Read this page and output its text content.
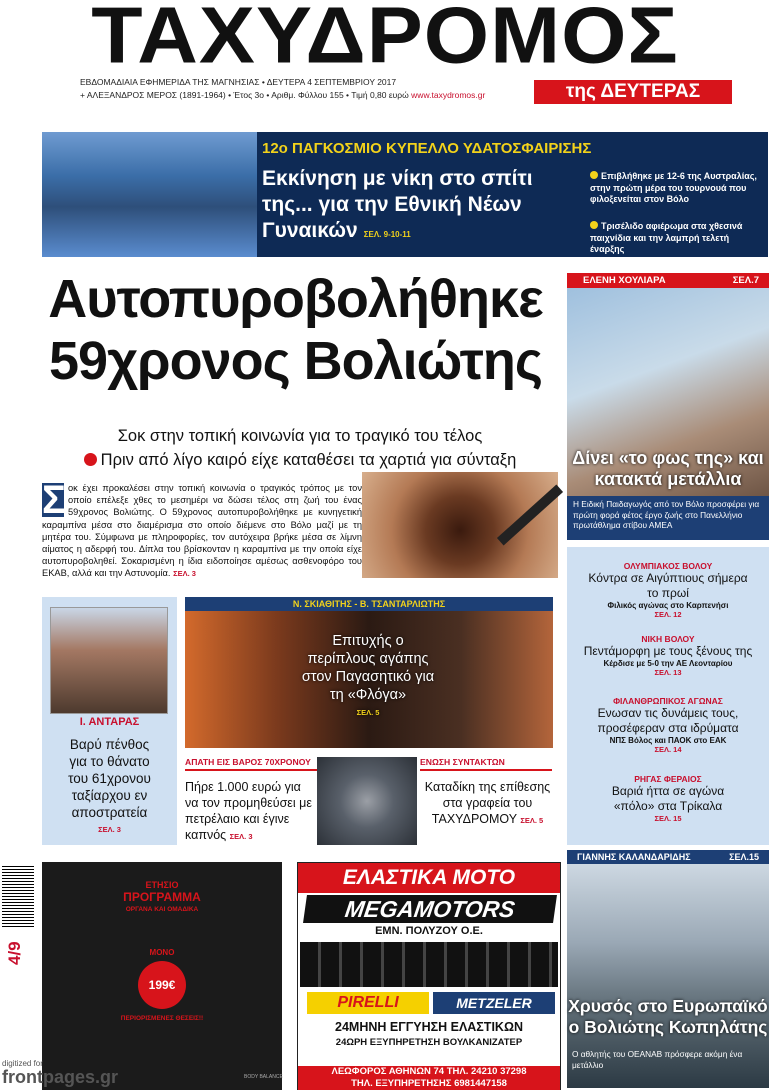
ΤΑΧΥΔΡΟΜΟΣ
ΕΒΔΟΜΑΔΙΑΙΑ ΕΦΗΜΕΡΙΔΑ ΤΗΣ ΜΑΓΝΗΣΙΑΣ • ΔΕΥΤΕΡΑ 4 ΣΕΠΤΕΜΒΡΙΟΥ 2017
+ ΑΛΕΞΑΝΔΡΟΣ ΜΕΡΟΣ (1891-1964) • Έτος 3ο • Αριθμ. Φύλλου 155 • Τιμή 0,80 ευρώ www.taxydromos.gr	της ΔΕΥΤΕΡΑΣ
12ο ΠΑΓΚΟΣΜΙΟ ΚΥΠΕΛΛΟ ΥΔΑΤΟΣΦΑΙΡΙΣΗΣ
Εκκίνηση με νίκη στο σπίτι της... για την Εθνική Νέων Γυναικών ΣΕΛ. 9-10-11
Επιβλήθηκε με 12-6 της Αυστραλίας, στην πρώτη μέρα του τουρνουά που φιλοξενείται στον Βόλο
Τρισέλιδο αφιέρωμα στα χθεσινά παιχνίδια και την λαμπρή τελετή έναρξης
Αυτοπυροβολήθηκε
59χρονος Βολιώτης
Σοκ στην τοπική κοινωνία για το τραγικό του τέλος
Πριν από λίγο καιρό είχε καταθέσει τα χαρτιά για σύνταξη
Σ οκ έχει προκαλέσει στην τοπική κοινωνία ο τραγικός τρόπος με τον οποίο επέλεξε χθες το μεσημέρι να δώσει τέλος στη ζωή του ένας 59χρονος Βολιώτης. Ο 59χρονος αυτοπυροβολήθηκε με κυνηγετική καραμπίνα μέσα στο διαμέρισμα στο οποίο διέμενε στο Βόλο μαζί με τη μητέρα του. Σύμφωνα με πληροφορίες, τον αυτόχειρα βρήκε μέσα σε λίμνη αίματος η αδερφή του. Δίπλα του βρίσκονταν η καραμπίνα με την οποία είχε αυτοπυροβοληθεί. Σοκαρισμένη η ίδια ειδοποίησε αμέσως ασθενοφόρο του ΕΚΑΒ, αλλά και την Αστυνομία. ΣΕΛ. 3
ΕΛΕΝΗ ΧΟΥΛΙΑΡΑ	ΣΕΛ.7
Δίνει «το φως της» και κατακτά μετάλλια
Η Ειδική Παιδαγωγός από τον Βόλο προσφέρει για πρώτη φορά φέτος έργο ζωής στο Πανελλήνιο πρωτάθλημα στίβου ΑΜΕΑ
ΟΛΥΜΠΙΑΚΟΣ ΒΟΛΟΥ
Κόντρα σε Αιγύπτιους σήμερα το πρωί
Φιλικός αγώνας στο Καρπενήσι
ΣΕΛ. 12
ΝΙΚΗ ΒΟΛΟΥ
Πεντάμορφη με τους ξένους της
Κέρδισε με 5-0 την ΑΕ Λεονταρίου
ΣΕΛ. 13
ΦΙΛΑΝΘΡΩΠΙΚΟΣ ΑΓΩΝΑΣ
Ενωσαν τις δυνάμεις τους, προσέφεραν στα ιδρύματα
ΝΠΣ Βόλος και ΠΑΟΚ στο ΕΑΚ
ΣΕΛ. 14
ΡΗΓΑΣ ΦΕΡΑΙΟΣ
Βαριά ήττα σε αγώνα «πόλο» στα Τρίκαλα
ΣΕΛ. 15
Ι. ΑΝΤΑΡΑΣ
Βαρύ πένθος για το θάνατο του 61χρονου ταξίαρχου εν αποστρατεία
ΣΕΛ. 3
Ν. ΣΚΙΑΘΙΤΗΣ - Β. ΤΣΑΝΤΑΡΛΙΩΤΗΣ
Επιτυχής ο περίπλους αγάπης στον Παγασητικό για τη «Φλόγα»
ΣΕΛ. 5
ΑΠΑΤΗ ΕΙΣ ΒΑΡΟΣ 70ΧΡΟΝΟΥ
Πήρε 1.000 ευρώ για να τον προμηθεύσει με πετρέλαιο και έγινε καπνός ΣΕΛ. 3
ΕΝΩΣΗ ΣΥΝΤΑΚΤΩΝ
Καταδίκη της επίθεσης στα γραφεία του ΤΑΧΥΔΡΟΜΟΥ ΣΕΛ. 5
ΓΙΑΝΝΗΣ ΚΑΛΑΝΔΑΡΙΔΗΣ	ΣΕΛ.15
Χρυσός στο Ευρωπαϊκό ο Βολιώτης Κωπηλάτης
Ο αθλητής του ΟΕΑΝΑΒ πρόσφερε ακόμη ένα μετάλλιο
ΕΤΗΣΙΟ
ΠΡΟΓΡΑΜΜΑ
ΟΡΓΑΝΑ ΚΑΙ ΟΜΑΔΙΚΑ
ΜΟΝΟ
199€
ΠΕΡΙΟΡΙΣΜΕΝΕΣ ΘΕΣΕΙΣ!!
BODY BALANCE
ΕΛΑΣΤΙΚΑ ΜΟΤΟ
MEGAMOTORS
ΕΜΝ. ΠΟΛΥΖΟΥ Ο.Ε.
PIRELLI	METZELER
24ΜΗΝΗ ΕΓΓΥΗΣΗ ΕΛΑΣΤΙΚΩΝ
24ΩΡΗ ΕΞΥΠΗΡΕΤΗΣΗ ΒΟΥΛΚΑΝΙΖΑΤΕΡ
ΛΕΩΦΟΡΟΣ ΑΘΗΝΩΝ 74 ΤΗΛ. 24210 37298
ΤΗΛ. ΕΞΥΠΗΡΕΤΗΣΗΣ 6981447158
4/9
digitized for
frontpages.gr
